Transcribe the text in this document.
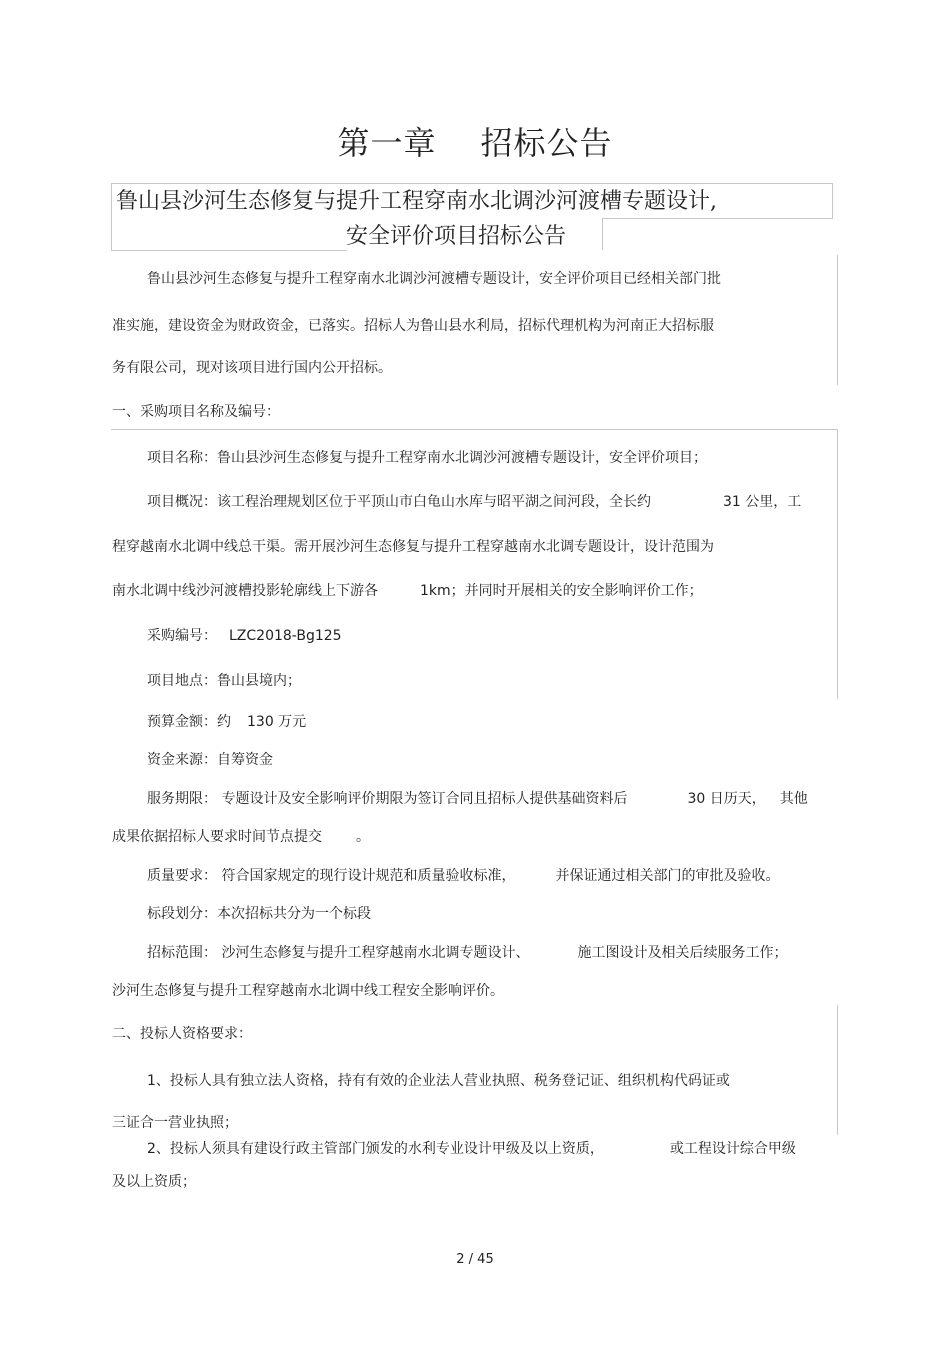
第一章 招标公告
鲁山县沙河生态修复与提升工程穿南水北调沙河渡槽专题设计,
安全评价项目招标公告
鲁山县沙河生态修复与提升工程穿南水北调沙河渡槽专题设计，安全评价项目已经相关部门批
准实施，建设资金为财政资金，已落实。招标人为鲁山县水利局，招标代理机构为河南正大招标服
务有限公司，现对该项目进行国内公开招标。
一、采购项目名称及编号：
项目名称：鲁山县沙河生态修复与提升工程穿南水北调沙河渡槽专题设计，安全评价项目；
项目概况：该工程治理规划区位于平顶山市白龟山水库与昭平湖之间河段，全长约	31 公里，工
程穿越南水北调中线总干渠。需开展沙河生态修复与提升工程穿越南水北调专题设计，设计范围为
南水北调中线沙河渡槽投影轮廓线上下游各	1km；并同时开展相关的安全影响评价工作；
采购编号： LZC2018-Bg125
项目地点：鲁山县境内；
预算金额：约 130 万元
资金来源：自筹资金
服务期限： 专题设计及安全影响评价期限为签订合同且招标人提供基础资料后	30 日历天， 其他
成果依据招标人要求时间节点提交 。
质量要求： 符合国家规定的现行设计规范和质量验收标准，	并保证通过相关部门的审批及验收。
标段划分：本次招标共分为一个标段
招标范围： 沙河生态修复与提升工程穿越南水北调专题设计、	施工图设计及相关后续服务工作；
沙河生态修复与提升工程穿越南水北调中线工程安全影响评价。
二、投标人资格要求：
1、投标人具有独立法人资格，持有有效的企业法人营业执照、税务登记证、组织机构代码证或
三证合一营业执照；
2、投标人须具有建设行政主管部门颁发的水利专业设计甲级及以上资质，	或工程设计综合甲级
及以上资质；
2 / 45
